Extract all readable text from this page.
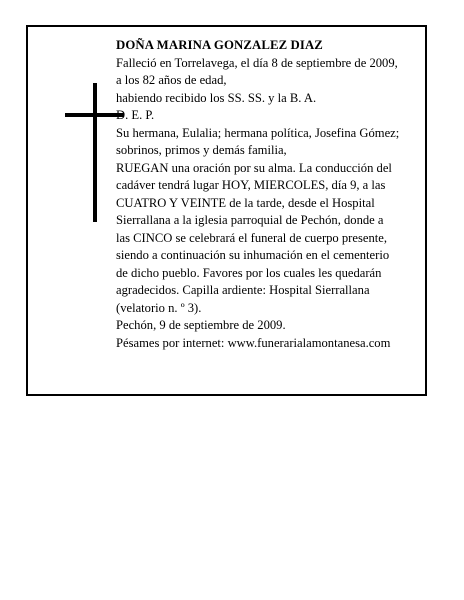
DOÑA MARINA GONZALEZ DIAZ
Falleció en Torrelavega, el día 8 de septiembre de 2009,
a los 82 años de edad,
habiendo recibido los SS. SS. y la B. A.
D. E. P.
Su hermana, Eulalia; hermana política, Josefina Gómez;
sobrinos, primos y demás familia,
RUEGAN una oración por su alma. La conducción del
cadáver tendrá lugar HOY, MIERCOLES, día 9, a las
CUATRO Y VEINTE de la tarde, desde el Hospital
Sierrallana a la iglesia parroquial de Pechón, donde a
las CINCO se celebrará el funeral de cuerpo presente,
siendo a continuación su inhumación en el cementerio
de dicho pueblo. Favores por los cuales les quedarán
agradecidos. Capilla ardiente: Hospital Sierrallana
(velatorio n. º 3).
Pechón, 9 de septiembre de 2009.
Pésames por internet: www.funerarialamontanesa.com
